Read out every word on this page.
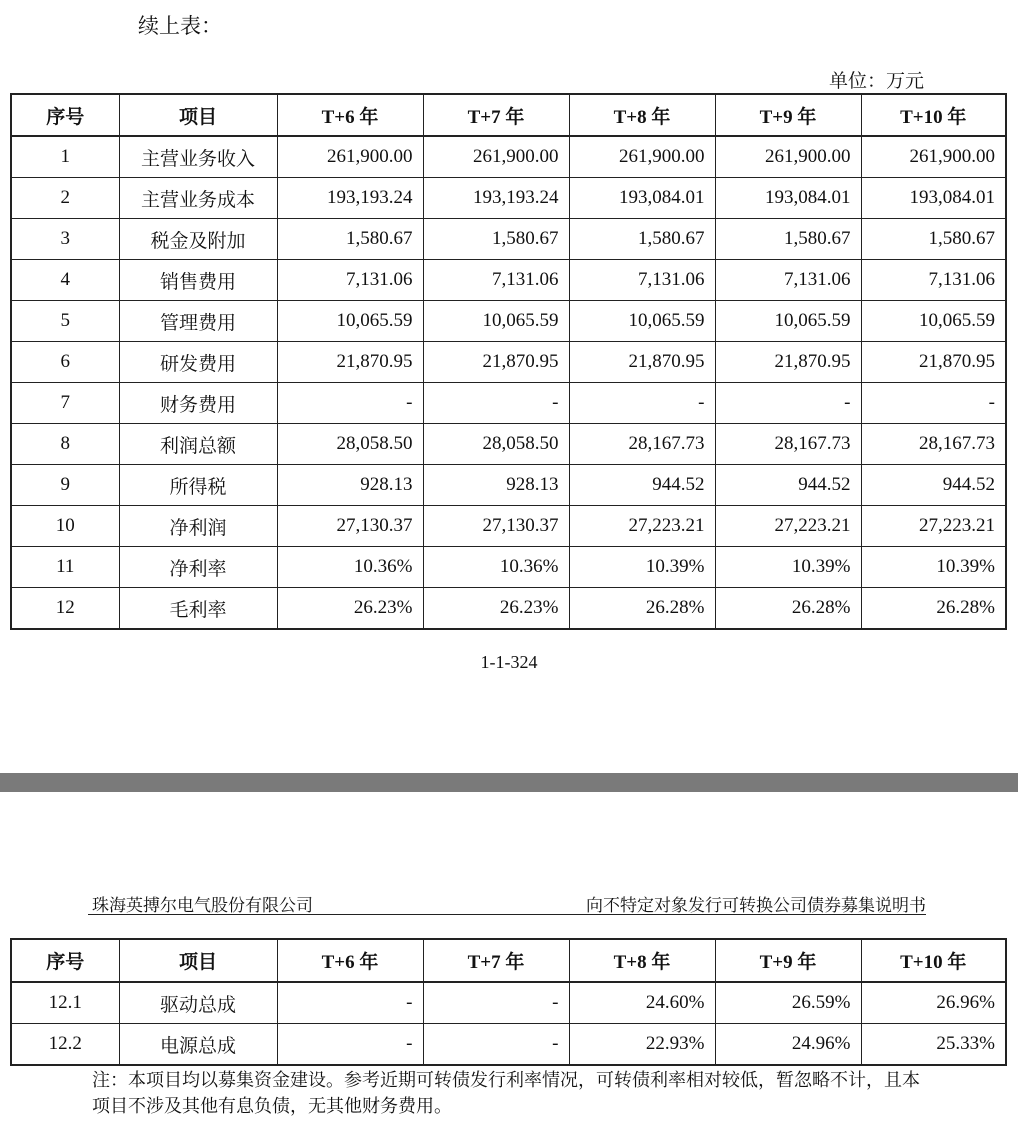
续上表：
单位：万元
序号	项目	T+6 年	T+7 年	T+8 年	T+9 年	T+10 年
1	主营业务收入	261,900.00	261,900.00	261,900.00	261,900.00	261,900.00
2	主营业务成本	193,193.24	193,193.24	193,084.01	193,084.01	193,084.01
3	税金及附加	1,580.67	1,580.67	1,580.67	1,580.67	1,580.67
4	销售费用	7,131.06	7,131.06	7,131.06	7,131.06	7,131.06
5	管理费用	10,065.59	10,065.59	10,065.59	10,065.59	10,065.59
6	研发费用	21,870.95	21,870.95	21,870.95	21,870.95	21,870.95
7	财务费用	-	-	-	-	-
8	利润总额	28,058.50	28,058.50	28,167.73	28,167.73	28,167.73
9	所得税	928.13	928.13	944.52	944.52	944.52
10	净利润	27,130.37	27,130.37	27,223.21	27,223.21	27,223.21
11	净利率	10.36%	10.36%	10.39%	10.39%	10.39%
12	毛利率	26.23%	26.23%	26.28%	26.28%	26.28%
1-1-324
珠海英搏尔电气股份有限公司	向不特定对象发行可转换公司债券募集说明书
序号	项目	T+6 年	T+7 年	T+8 年	T+9 年	T+10 年
12.1	驱动总成	-	-	24.60%	26.59%	26.96%
12.2	电源总成	-	-	22.93%	24.96%	25.33%
注：本项目均以募集资金建设。参考近期可转债发行利率情况，可转债利率相对较低，暂忽略不计，且本项目不涉及其他有息负债，无其他财务费用。
